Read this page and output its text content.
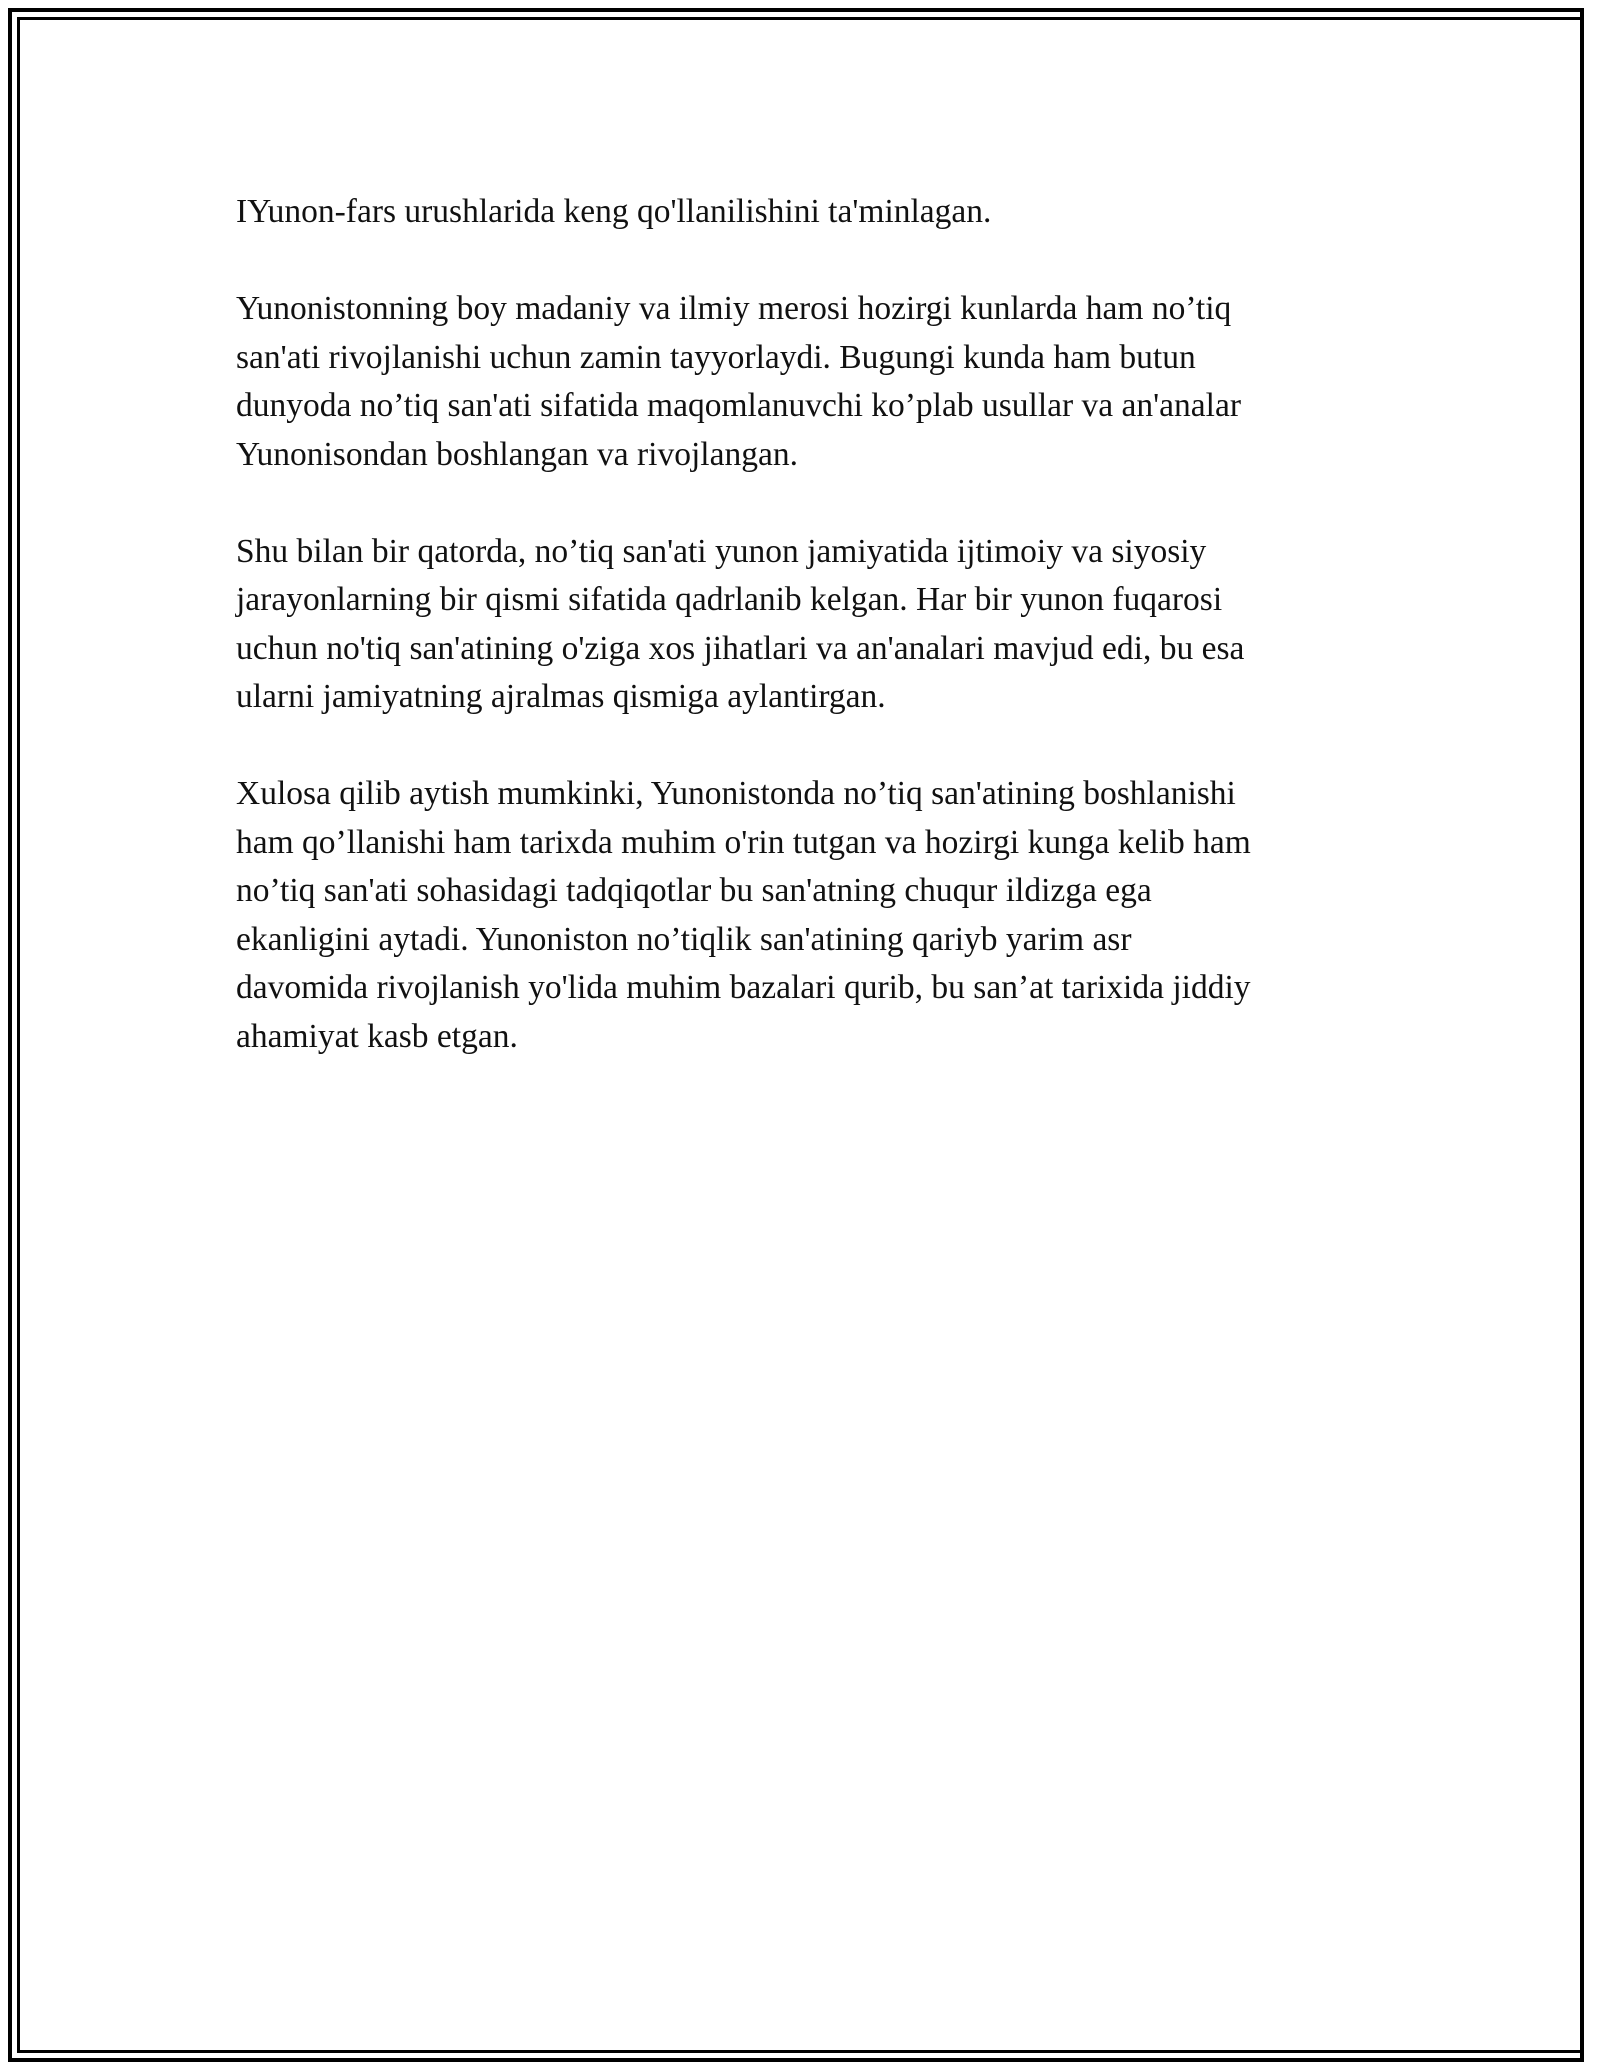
IYunon-fars urushlarida keng qo'llanilishini ta'minlagan.

Yunonistonning boy madaniy va ilmiy merosi hozirgi kunlarda ham no’tiq
san'ati rivojlanishi uchun zamin tayyorlaydi. Bugungi kunda ham butun
dunyoda no’tiq san'ati sifatida maqomlanuvchi ko’plab usullar va an'analar
Yunonisondan boshlangan va rivojlangan.

Shu bilan bir qatorda, no’tiq san'ati yunon jamiyatida ijtimoiy va siyosiy
jarayonlarning bir qismi sifatida qadrlanib kelgan. Har bir yunon fuqarosi
uchun no'tiq san'atining o'ziga xos jihatlari va an'analari mavjud edi, bu esa
ularni jamiyatning ajralmas qismiga aylantirgan.

Xulosa qilib aytish mumkinki, Yunonistonda no’tiq san'atining boshlanishi
ham qo’llanishi ham tarixda muhim o'rin tutgan va hozirgi kunga kelib ham
no’tiq san'ati sohasidagi tadqiqotlar bu san'atning chuqur ildizga ega
ekanligini aytadi. Yunoniston no’tiqlik san'atining qariyb yarim asr
davomida rivojlanish yo'lida muhim bazalari qurib, bu san’at tarixida jiddiy
ahamiyat kasb etgan.
